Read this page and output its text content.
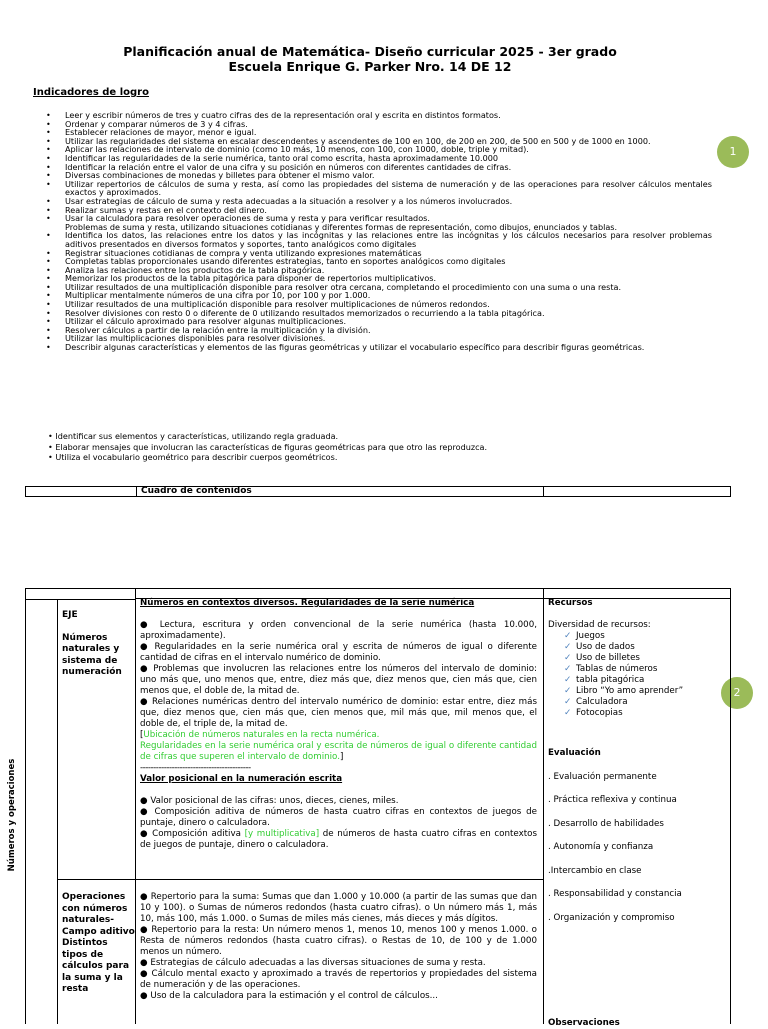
Planificación anual de Matemática- Diseño curricular 2025 - 3er grado
Escuela Enrique G. Parker Nro. 14 DE 12
Indicadores de logro
• Leer y escribir números de tres y cuatro cifras des de la representación oral y escrita en distintos formatos.
• Ordenar y comparar números de 3 y 4 cifras.
• Establecer relaciones de mayor, menor e igual.
• Utilizar las regularidades del sistema en escalar descendentes y ascendentes de 100 en 100, de 200 en 200, de 500 en 500 y de 1000 en 1000.
• Aplicar las relaciones de intervalo de dominio (como 10 más, 10 menos, con 100, con 1000, doble, triple y mitad).
• Identificar las regularidades de la serie numérica, tanto oral como escrita, hasta aproximadamente 10.000
• Identificar la relación entre el valor de una cifra y su posición en números con diferentes cantidades de cifras.
• Diversas combinaciones de monedas y billetes para obtener el mismo valor.
• Utilizar repertorios de cálculos de suma y resta, así como las propiedades del sistema de numeración y de las operaciones para resolver cálculos mentales exactos y aproximados.
• Usar estrategias de cálculo de suma y resta adecuadas a la situación a resolver y a los números involucrados.
• Realizar sumas y restas en el contexto del dinero.
• Usar la calculadora para resolver operaciones de suma y resta y para verificar resultados.
Problemas de suma y resta, utilizando situaciones cotidianas y diferentes formas de representación, como dibujos, enunciados y tablas.
• Identifica los datos, las relaciones entre los datos y las incógnitas y las relaciones entre las incógnitas y los cálculos necesarios para resolver problemas aditivos presentados en diversos formatos y soportes, tanto analógicos como digitales
• Registrar situaciones cotidianas de compra y venta utilizando expresiones matemáticas
• Completas tablas proporcionales usando diferentes estrategias, tanto en soportes analógicos como digitales
• Analiza las relaciones entre los productos de la tabla pitagórica.
• Memorizar los productos de la tabla pitagórica para disponer de repertorios multiplicativos.
• Utilizar resultados de una multiplicación disponible para resolver otra cercana, completando el procedimiento con una suma o una resta.
• Multiplicar mentalmente números de una cifra por 10, por 100 y por 1.000.
• Utilizar resultados de una multiplicación disponible para resolver multiplicaciones de números redondos.
• Resolver divisiones con resto 0 o diferente de 0 utilizando resultados memorizados o recurriendo a la tabla pitagórica.
• Utilizar el cálculo aproximado para resolver algunas multiplicaciones.
• Resolver cálculos a partir de la relación entre la multiplicación y la división.
• Utilizar las multiplicaciones disponibles para resolver divisiones.
• Describir algunas características y elementos de las figuras geométricas y utilizar el vocabulario específico para describir figuras geométricas.
• Identificar sus elementos y características, utilizando regla graduada.
• Elaborar mensajes que involucran las características de figuras geométricas para que otro las reproduzca.
• Utiliza el vocabulario geométrico para describir cuerpos geométricos.
1
2
Cuadro de contenidos
Números y operaciones
EJE
Números naturales y sistema de numeración
Operaciones con números naturales- Campo aditivo Distintos tipos de cálculos para la suma y la resta

Números en contextos diversos. Regularidades de la serie numérica

● Lectura, escritura y orden convencional de la serie numérica (hasta 10.000, aproximadamente).

● Regularidades en la serie numérica oral y escrita de números de igual o diferente cantidad de cifras en el intervalo numérico de dominio.

● Problemas que involucren las relaciones entre los números del intervalo de dominio: uno más que, uno menos que, entre, diez más que, diez menos que, cien más que, cien menos que, el doble de, la mitad de.

● Relaciones numéricas dentro del intervalo numérico de dominio: estar entre, diez más que, diez menos que, cien más que, cien menos que, mil más que, mil menos que, el doble de, el triple de, la mitad de.

[Ubicación de números naturales en la recta numérica.
Regularidades en la serie numérica oral y escrita de números de igual o diferente cantidad de cifras que superen el intervalo de dominio.]

------------------------------------------

Valor posicional en la numeración escrita

● Valor posicional de las cifras: unos, dieces, cienes, miles.

● Composición aditiva de números de hasta cuatro cifras en contextos de juegos de puntaje, dinero o calculadora.

● Composición aditiva [y multiplicativa] de números de hasta cuatro cifras en contextos de juegos de puntaje, dinero o calculadora.

● Repertorio para la suma: Sumas que dan 1.000 y 10.000 (a partir de las sumas que dan 10 y 100). o Sumas de números redondos (hasta cuatro cifras). o Un número más 1, más 10, más 100, más 1.000. o Sumas de miles más cienes, más dieces y más dígitos.

● Repertorio para la resta: Un número menos 1, menos 10, menos 100 y menos 1.000. o Resta de números redondos (hasta cuatro cifras). o Restas de 10, de 100 y de 1.000 menos un número.

● Estrategias de cálculo adecuadas a las diversas situaciones de suma y resta.

● Cálculo mental exacto y aproximado a través de repertorios y propiedades del sistema de numeración y de las operaciones.

● Uso de la calculadora para la estimación y el control de cálculos...

Recursos
Diversidad de recursos:
✓ Juegos
✓ Uso de dados
✓ Uso de billetes
✓ Tablas de números
✓ tabla pitagórica
✓ Libro “Yo amo aprender”
✓ Calculadora
✓ Fotocopias
Evaluación

. Evaluación permanente

. Práctica reflexiva y continua

. Desarrollo de habilidades

. Autonomía y confianza

.Intercambio en clase

. Responsabilidad y constancia

. Organización y compromiso

Observaciones
